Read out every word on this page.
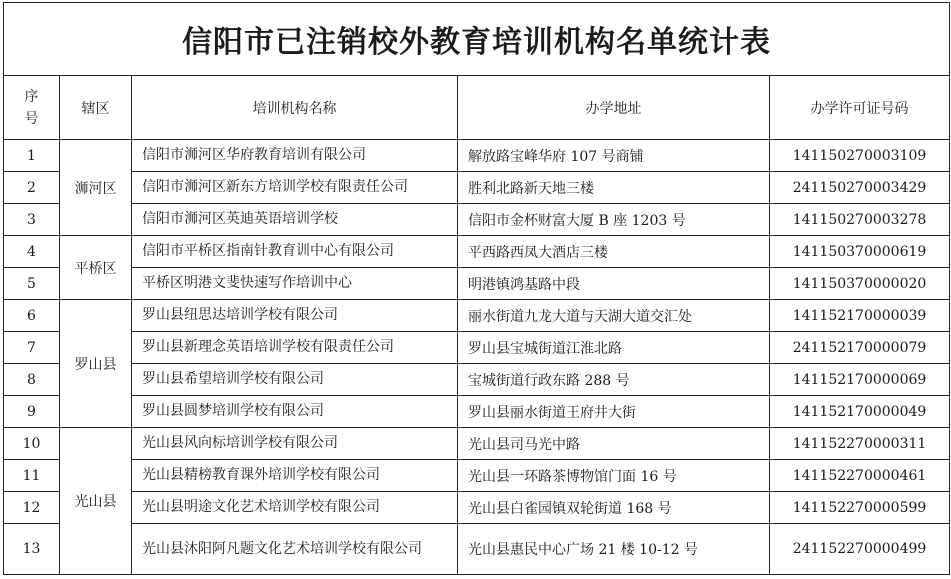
信阳市已注销校外教育培训机构名单统计表				

序
号	辖区	培训机构名称	办学地址	办学许可证号码
1	浉河区	信阳市浉河区华府教育培训有限公司	解放路宝峰华府 107 号商铺	141150270003109
2		信阳市浉河区新东方培训学校有限责任公司	胜利北路新天地三楼	241150270003429
3		信阳市浉河区英迪英语培训学校	信阳市金杯财富大厦 B 座 1203 号	141150270003278
4	平桥区	信阳市平桥区指南针教育训中心有限公司	平西路西凤大酒店三楼	141150370000619
5		平桥区明港文斐快速写作培训中心	明港镇鸿基路中段	141150370000020
6	罗山县	罗山县纽思达培训学校有限公司	丽水街道九龙大道与天湖大道交汇处	141152170000039
7		罗山县新理念英语培训学校有限责任公司	罗山县宝城街道江淮北路	241152170000079
8		罗山县希望培训学校有限公司	宝城街道行政东路 288 号	141152170000069
9		罗山县圆梦培训学校有限公司	罗山县丽水街道王府井大街	141152170000049
10	光山县	光山县风向标培训学校有限公司	光山县司马光中路	141152270000311
11		光山县精榜教育课外培训学校有限公司	光山县一环路茶博物馆门面 16 号	141152270000461
12		光山县明途文化艺术培训学校有限公司	光山县白雀园镇双轮街道 168 号	141152270000599
13		光山县沐阳阿凡题文化艺术培训学校有限公司	光山县惠民中心广场 21 楼 10-12 号	241152270000499
